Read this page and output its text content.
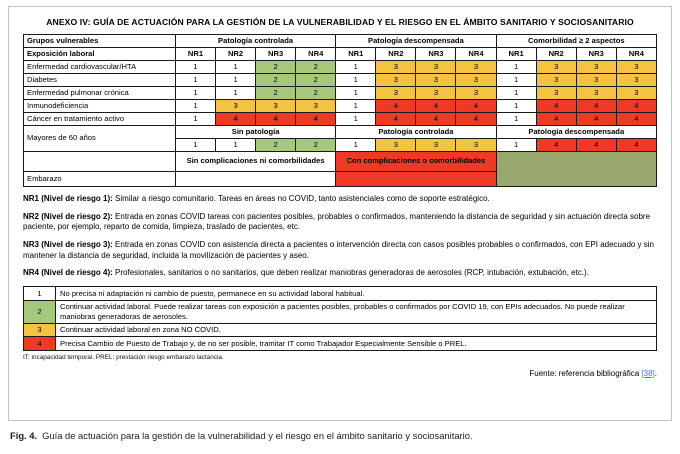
ANEXO IV: GUÍA DE ACTUACIÓN PARA LA GESTIÓN DE LA VULNERABILIDAD Y EL RIESGO EN EL ÁMBITO SANITARIO Y SOCIOSANITARIO
Grupos vulnerables	Patología controlada				Patología descompensada				Comorbilidad ≥ 2 aspectos			
Exposición laboral	NR1	NR2	NR3	NR4	NR1	NR2	NR3	NR4	NR1	NR2	NR3	NR4
Enfermedad cardiovascular/HTA	1	1	2	2	1	3	3	3	1	3	3	3
Diabetes	1	1	2	2	1	3	3	3	1	3	3	3
Enfermedad pulmonar crónica	1	1	2	2	1	3	3	3	1	3	3	3
Inmunodeficiencia	1	3	3	3	1	4	4	4	1	4	4	4
Cáncer en tratamiento activo	1	4	4	4	1	4	4	4	1	4	4	4
Mayores de 60 años	Sin patología				Patología controlada				Patología descompensada			
	1	1	2	2	1	3	3	3	1	4	4	4
	Sin complicaciones ni comorbilidades				Con complicaciones o comorbilidades							
Embarazo												

NR1 (Nivel de riesgo 1): Similar a riesgo comunitario. Tareas en áreas no COVID, tanto asistenciales como de soporte estratégico.

NR2 (Nivel de riesgo 2): Entrada en zonas COVID tareas con pacientes posibles, probables o confirmados, manteniendo la distancia de seguridad y sin actuación directa sobre paciente, por ejemplo, reparto de comida, limpieza, traslado de pacientes, etc.

NR3 (Nivel de riesgo 3): Entrada en zonas COVID con asistencia directa a pacientes o intervención directa con casos posibles probables o confirmados, con EPI adecuado y sin mantener la distancia de seguridad, incluida la movilización de pacientes y aseo.

NR4 (Nivel de riesgo 4): Profesionales, sanitarios o no sanitarios, que deben realizar maniobras generadoras de aerosoles (RCP, intubación, extubación, etc.).

1	No precisa ni adaptación ni cambio de puesto, permanece en su actividad laboral habitual.
2	Continuar actividad laboral. Puede realizar tareas con exposición a pacientes posibles, probables o confirmados por COVID 19, con EPIs adecuados. No puede realizar maniobras generadoras de aerosoles.
3	Continuar actividad laboral en zona NO COVID.
4	Precisa Cambio de Puesto de Trabajo y, de no ser posible, tramitar IT como Trabajador Especialmente Sensible o PREL.
IT: incapacidad temporal. PREL: prestación riesgo embarazo lactancia.
Fuente: referencia bibliográfica [38].
Fig. 4. Guía de actuación para la gestión de la vulnerabilidad y el riesgo en el ámbito sanitario y sociosanitario.
